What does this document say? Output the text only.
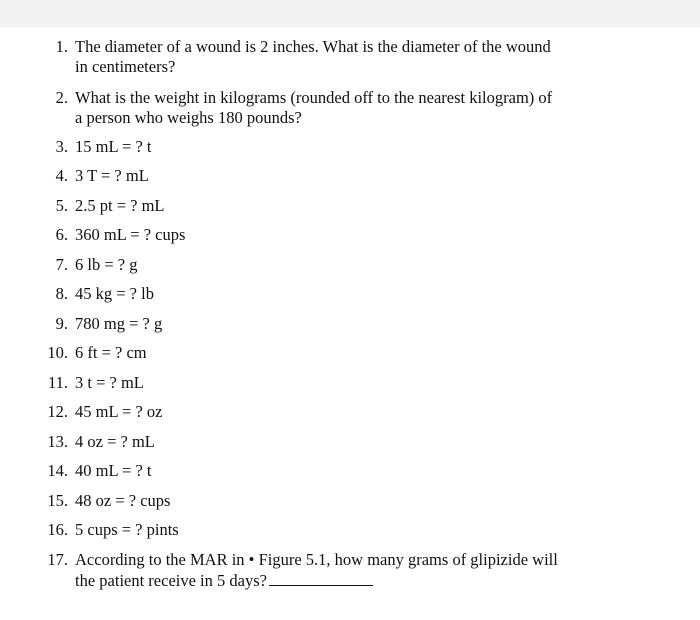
1. The diameter of a wound is 2 inches. What is the diameter of the wound
in centimeters?
2. What is the weight in kilograms (rounded off to the nearest kilogram) of
a person who weighs 180 pounds?
3. 15 mL = ? t
4. 3 T = ? mL
5. 2.5 pt = ? mL
6. 360 mL = ? cups
7. 6 lb = ? g
8. 45 kg = ? lb
9. 780 mg = ? g
10. 6 ft = ? cm
11. 3 t = ? mL
12. 45 mL = ? oz
13. 4 oz = ? mL
14. 40 mL = ? t
15. 48 oz = ? cups
16. 5 cups = ? pints
17. According to the MAR in • Figure 5.1, how many grams of glipizide will
the patient receive in 5 days?
